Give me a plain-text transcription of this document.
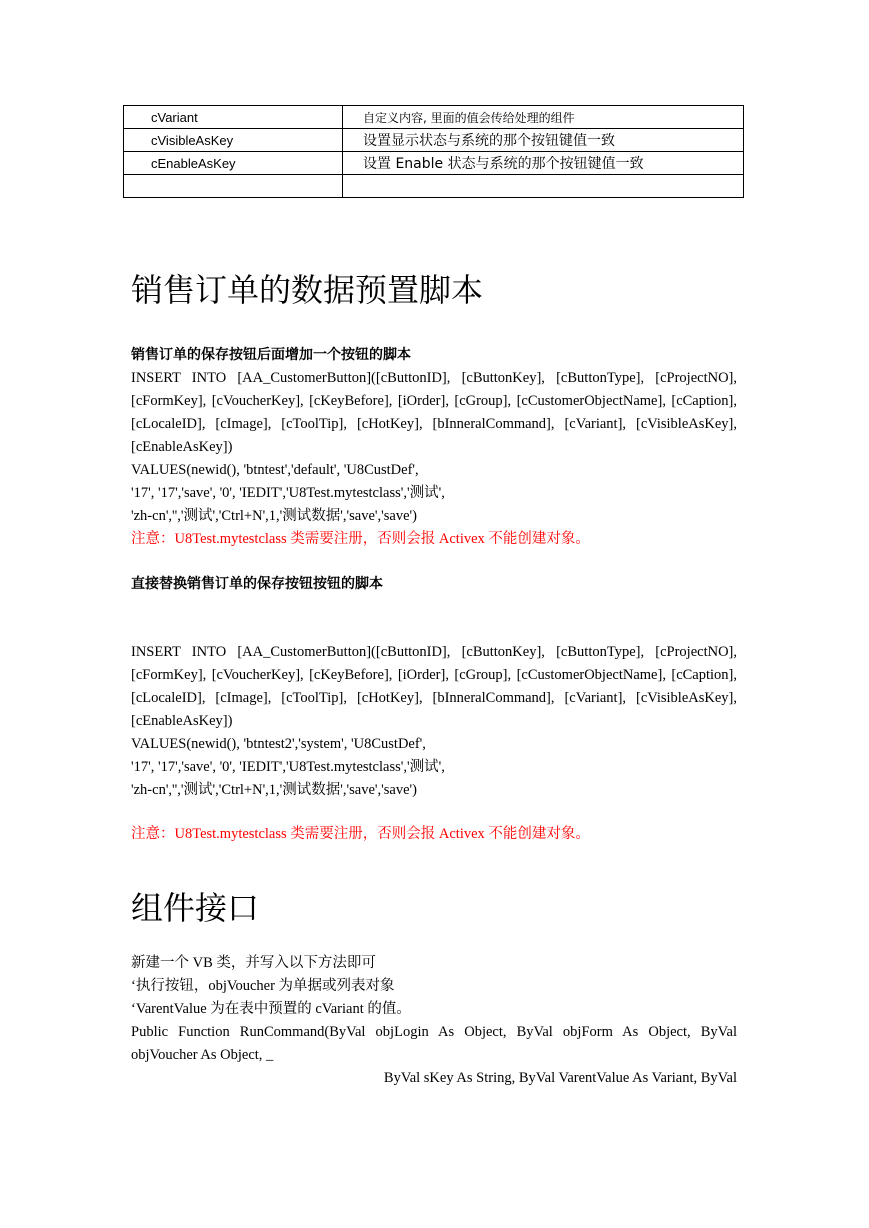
cVariant	自定义内容, 里面的值会传给处理的组件
cVisibleAsKey	设置显示状态与系统的那个按钮键值一致
cEnableAsKey	设置 Enable 状态与系统的那个按钮键值一致

销售订单的数据预置脚本
销售订单的保存按钮后面增加一个按钮的脚本

INSERT INTO [AA_CustomerButton]([cButtonID], [cButtonKey], [cButtonType], [cProjectNO], [cFormKey], [cVoucherKey], [cKeyBefore], [iOrder], [cGroup], [cCustomerObjectName], [cCaption], [cLocaleID], [cImage], [cToolTip], [cHotKey], [bInneralCommand], [cVariant], [cVisibleAsKey], [cEnableAsKey])

VALUES(newid(), 'btntest','default', 'U8CustDef',

'17', '17','save', '0', 'IEDIT','U8Test.mytestclass','测试',

'zh-cn','','测试','Ctrl+N',1,'测试数据','save','save')

注意：U8Test.mytestclass 类需要注册，否则会报 Activex 不能创建对象。

直接替换销售订单的保存按钮按钮的脚本

INSERT INTO [AA_CustomerButton]([cButtonID], [cButtonKey], [cButtonType], [cProjectNO], [cFormKey], [cVoucherKey], [cKeyBefore], [iOrder], [cGroup], [cCustomerObjectName], [cCaption], [cLocaleID], [cImage], [cToolTip], [cHotKey], [bInneralCommand], [cVariant], [cVisibleAsKey], [cEnableAsKey])

VALUES(newid(), 'btntest2','system', 'U8CustDef',

'17', '17','save', '0', 'IEDIT','U8Test.mytestclass','测试',

'zh-cn','','测试','Ctrl+N',1,'测试数据','save','save')

注意：U8Test.mytestclass 类需要注册，否则会报 Activex 不能创建对象。

组件接口

新建一个 VB 类，并写入以下方法即可

‘执行按钮，objVoucher 为单据或列表对象

‘VarentValue 为在表中预置的 cVariant 的值。

Public Function RunCommand(ByVal objLogin As Object, ByVal objForm As Object, ByVal objVoucher As Object, _

ByVal sKey As String, ByVal VarentValue As Variant, ByVal
